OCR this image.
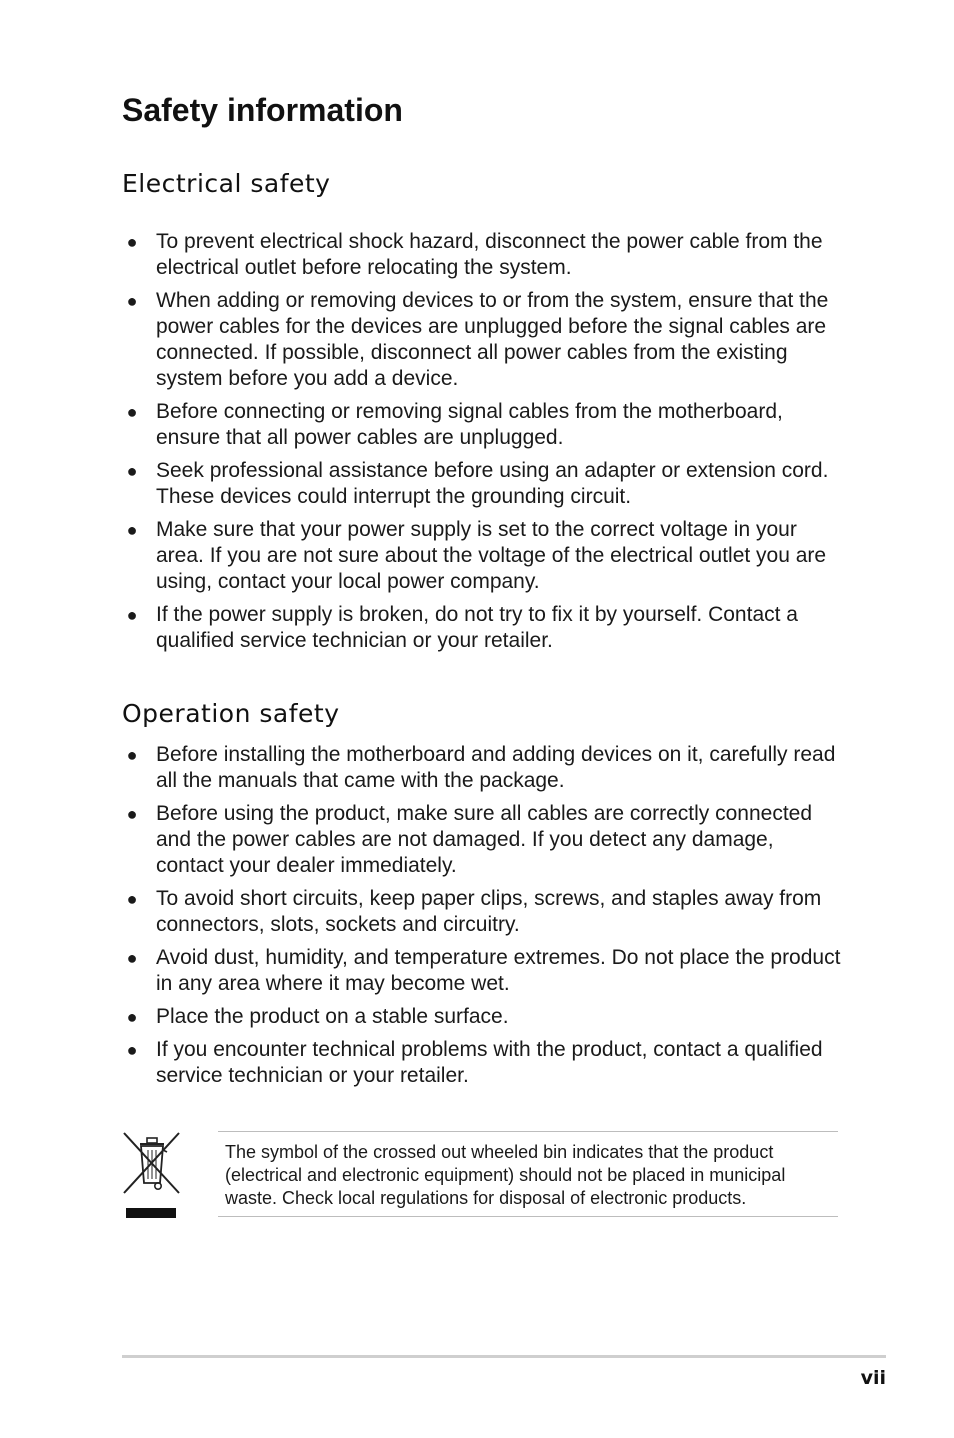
Safety information
Electrical safety
● To prevent electrical shock hazard, disconnect the power cable from the electrical outlet before relocating the system.
● When adding or removing devices to or from the system, ensure that the power cables for the devices are unplugged before the signal cables are connected. If possible, disconnect all power cables from the existing system before you add a device.
● Before connecting or removing signal cables from the motherboard, ensure that all power cables are unplugged.
● Seek professional assistance before using an adapter or extension cord. These devices could interrupt the grounding circuit.
● Make sure that your power supply is set to the correct voltage in your area. If you are not sure about the voltage of the electrical outlet you are using, contact your local power company.
● If the power supply is broken, do not try to fix it by yourself. Contact a qualified service technician or your retailer.
Operation safety
● Before installing the motherboard and adding devices on it, carefully read all the manuals that came with the package.
● Before using the product, make sure all cables are correctly connected and the power cables are not damaged. If you detect any damage, contact your dealer immediately.
● To avoid short circuits, keep paper clips, screws, and staples away from connectors, slots, sockets and circuitry.
● Avoid dust, humidity, and temperature extremes. Do not place the product in any area where it may become wet.
● Place the product on a stable surface.
● If you encounter technical problems with the product, contact a qualified service technician or your retailer.

The symbol of the crossed out wheeled bin indicates that the product (electrical and electronic equipment) should not be placed in municipal waste. Check local regulations for disposal of electronic products.

vii
